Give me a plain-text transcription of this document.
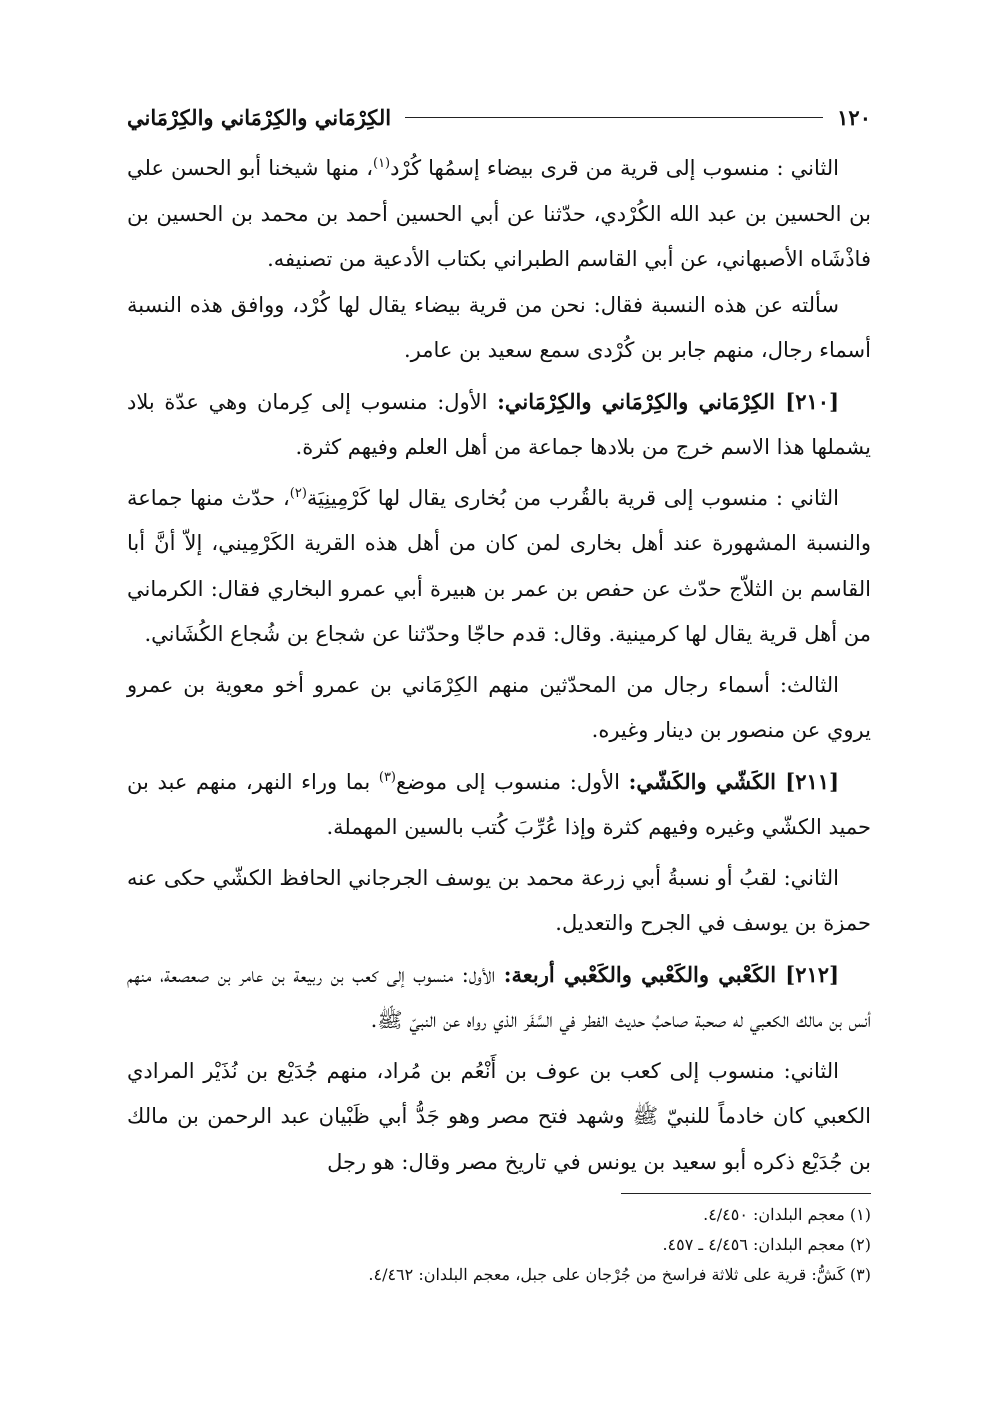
١٢٠
الكِرْمَاني والكِرْمَاني والكِرْمَاني

الثاني : منسوب إلى قرية من قرى بيضاء إسمُها كُرْد$^{(١)}$، منها شيخنا أبو الحسن علي بن الحسين بن عبد الله الكُرْدي، حدّثنا عن أبي الحسين أحمد بن محمد بن الحسين بن فاذْشَاه الأصبهاني، عن أبي القاسم الطبراني بكتاب الأدعية من تصنيفه.

سألته عن هذه النسبة فقال: نحن من قرية بيضاء يقال لها كُرْد، ووافق هذه النسبة أسماء رجال، منهم جابر بن كُرْدى سمع سعيد بن عامر.

[٢١٠] الكِرْمَاني والكِرْمَاني والكِرْمَاني: الأول: منسوب إلى كِرمان وهي عدّة بلاد يشملها هذا الاسم خرج من بلادها جماعة من أهل العلم وفيهم كثرة.

الثاني : منسوب إلى قرية بالقُرب من بُخارى يقال لها كَرْمِينِيَة$^{(٢)}$، حدّث منها جماعة والنسبة المشهورة عند أهل بخارى لمن كان من أهل هذه القرية الكَرْمِيني، إلاّ أنَّ أبا القاسم بن الثلاّج حدّث عن حفص بن عمر بن هبيرة أبي عمرو البخاري فقال: الكرماني من أهل قرية يقال لها كرمينية. وقال: قدم حاجّا وحدّثنا عن شجاع بن شُجاع الكُشَاني.

الثالث: أسماء رجال من المحدّثين منهم الكِرْمَاني بن عمرو أخو معوية بن عمرو يروي عن منصور بن دينار وغيره.

[٢١١] الكَشّي والكَشّي: الأول: منسوب إلى موضع$^{(٣)}$ بما وراء النهر، منهم عبد بن حميد الكشّي وغيره وفيهم كثرة وإذا عُرِّبَ كُتب بالسين المهملة.

الثاني: لقبُ أو نسبةُ أبي زرعة محمد بن يوسف الجرجاني الحافظ الكشّي حكى عنه حمزة بن يوسف في الجرح والتعديل.

[٢١٢] الكَعْبي والكَعْبي والكَعْبي أربعة: الأول: منسوب إلى كعب بن ربيعة بن عامر بن صعصعة، منهم أنس بن مالك الكعبي له صحبة صاحبُ حديث الفطر في السَّفَر الذي رواه عن النبيّ ﷺ.

الثاني: منسوب إلى كعب بن عوف بن أَنْعُم بن مُراد، منهم جُدَيْع بن نُذَيْر المرادي الكعبي كان خادماً للنبيّ ﷺ وشهد فتح مصر وهو جَدُّ أبي ظَبْيان عبد الرحمن بن مالك بن جُدَيْع ذكره أبو سعيد بن يونس في تاريخ مصر وقال: هو رجل

(١) معجم البلدان: ٤/٤٥٠.

(٢) معجم البلدان: ٤/٤٥٦ ـ ٤٥٧.

(٣) كَشُّ: قرية على ثلاثة فراسخ من جُرْجان على جبل، معجم البلدان: ٤/٤٦٢.
